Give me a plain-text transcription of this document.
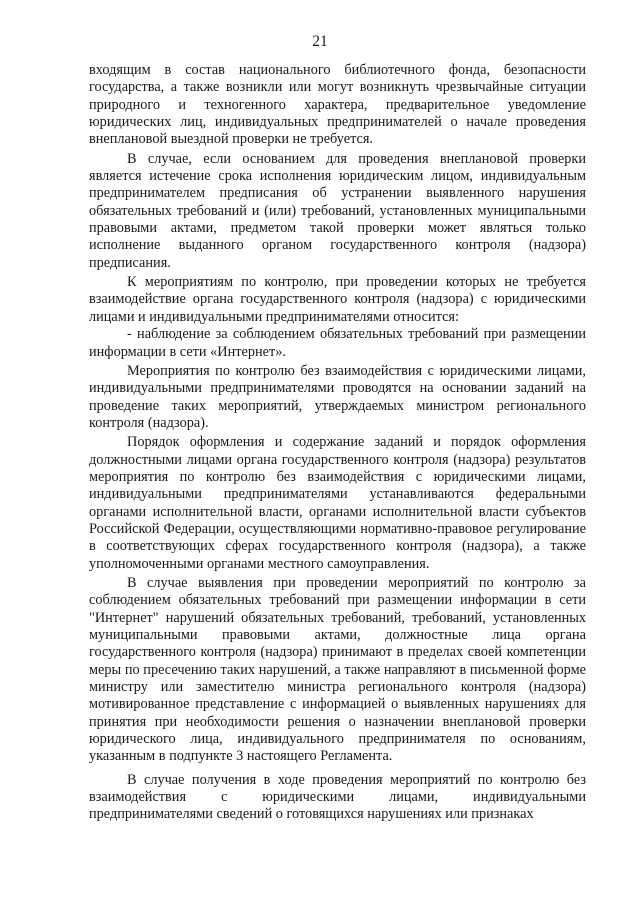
21

входящим в состав национального библиотечного фонда, безопасности государства, а также возникли или могут возникнуть чрезвычайные ситуации природного и техногенного характера, предварительное уведомление юридических лиц, индивидуальных предпринимателей о начале проведения внеплановой выездной проверки не требуется.

В случае, если основанием для проведения внеплановой проверки является истечение срока исполнения юридическим лицом, индивидуальным предпринимателем предписания об устранении выявленного нарушения обязательных требований и (или) требований, установленных муниципальными правовыми актами, предметом такой проверки может являться только исполнение выданного органом государственного контроля (надзора) предписания.

К мероприятиям по контролю, при проведении которых не требуется взаимодействие органа государственного контроля (надзора) с юридическими лицами и индивидуальными предпринимателями относится:

- наблюдение за соблюдением обязательных требований при размещении информации в сети «Интернет».

Мероприятия по контролю без взаимодействия с юридическими лицами, индивидуальными предпринимателями проводятся на основании заданий на проведение таких мероприятий, утверждаемых министром регионального контроля (надзора).

Порядок оформления и содержание заданий и порядок оформления должностными лицами органа государственного контроля (надзора) результатов мероприятия по контролю без взаимодействия с юридическими лицами, индивидуальными предпринимателями устанавливаются федеральными органами исполнительной власти, органами исполнительной власти субъектов Российской Федерации, осуществляющими нормативно-правовое регулирование в соответствующих сферах государственного контроля (надзора), а также уполномоченными органами местного самоуправления.

В случае выявления при проведении мероприятий по контролю за соблюдением обязательных требований при размещении информации в сети "Интернет" нарушений обязательных требований, требований, установленных муниципальными правовыми актами, должностные лица органа государственного контроля (надзора) принимают в пределах своей компетенции меры по пресечению таких нарушений, а также направляют в письменной форме министру или заместителю министра регионального контроля (надзора) мотивированное представление с информацией о выявленных нарушениях для принятия при необходимости решения о назначении внеплановой проверки юридического лица, индивидуального предпринимателя по основаниям, указанным в подпункте 3 настоящего Регламента.

В случае получения в ходе проведения мероприятий по контролю без взаимодействия с юридическими лицами, индивидуальными предпринимателями сведений о готовящихся нарушениях или признаках
